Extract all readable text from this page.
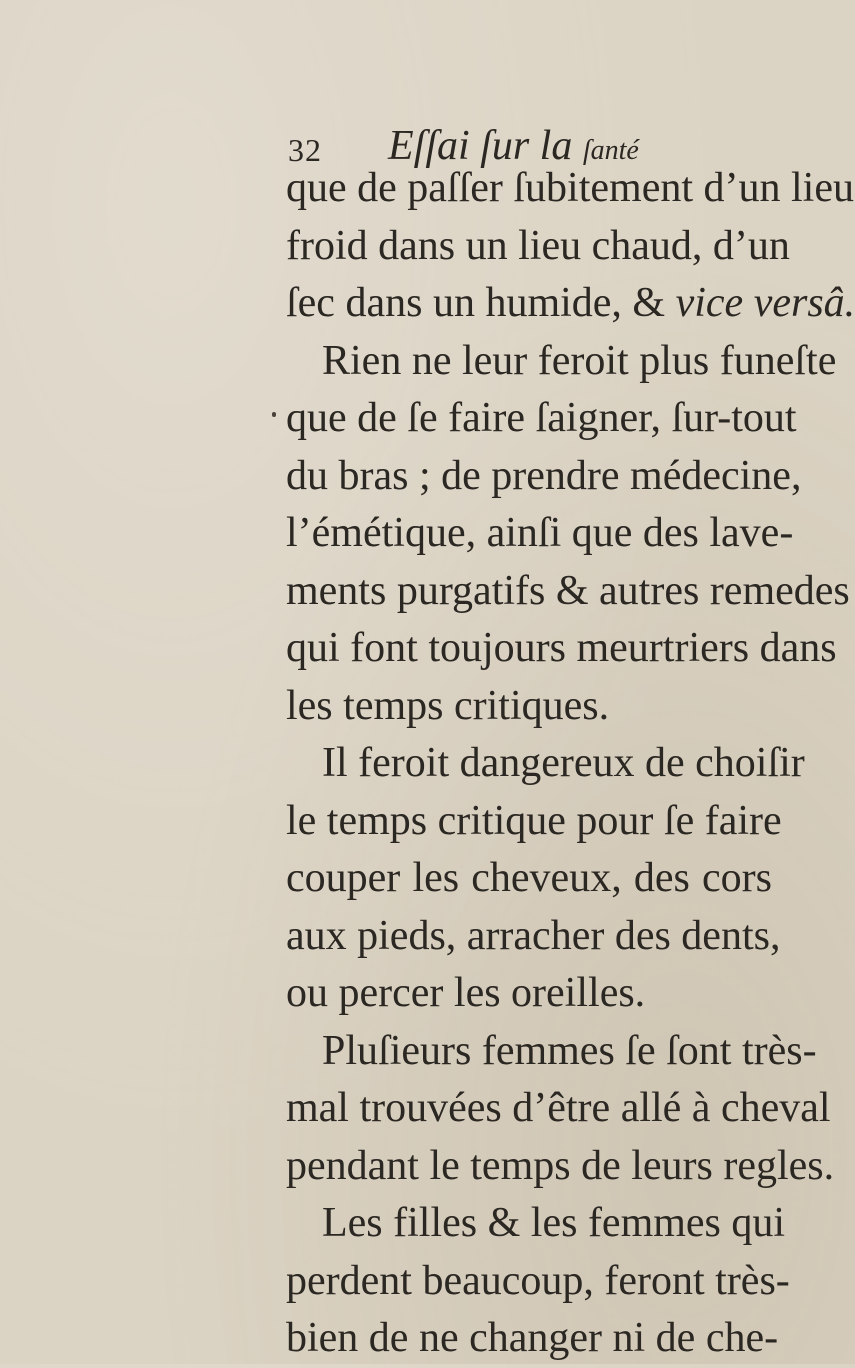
32 Eſſai ſur la ſanté
que de paſſer ſubitement d’un lieu
froid dans un lieu chaud, d’un
ſec dans un humide, & vice versâ.
Rien ne leur feroit plus funeſte
que de ſe faire ſaigner, ſur-tout
du bras ; de prendre médecine,
l’émétique, ainſi que des lave-
ments purgatifs & autres remedes
qui font toujours meurtriers dans
les temps critiques.
Il feroit dangereux de choiſir
le temps critique pour ſe faire
couper les cheveux, des cors
aux pieds, arracher des dents,
ou percer les oreilles.
Pluſieurs femmes ſe ſont très-
mal trouvées d’être allé à cheval
pendant le temps de leurs regles.
Les filles & les femmes qui
perdent beaucoup, feront très-
bien de ne changer ni de che-
